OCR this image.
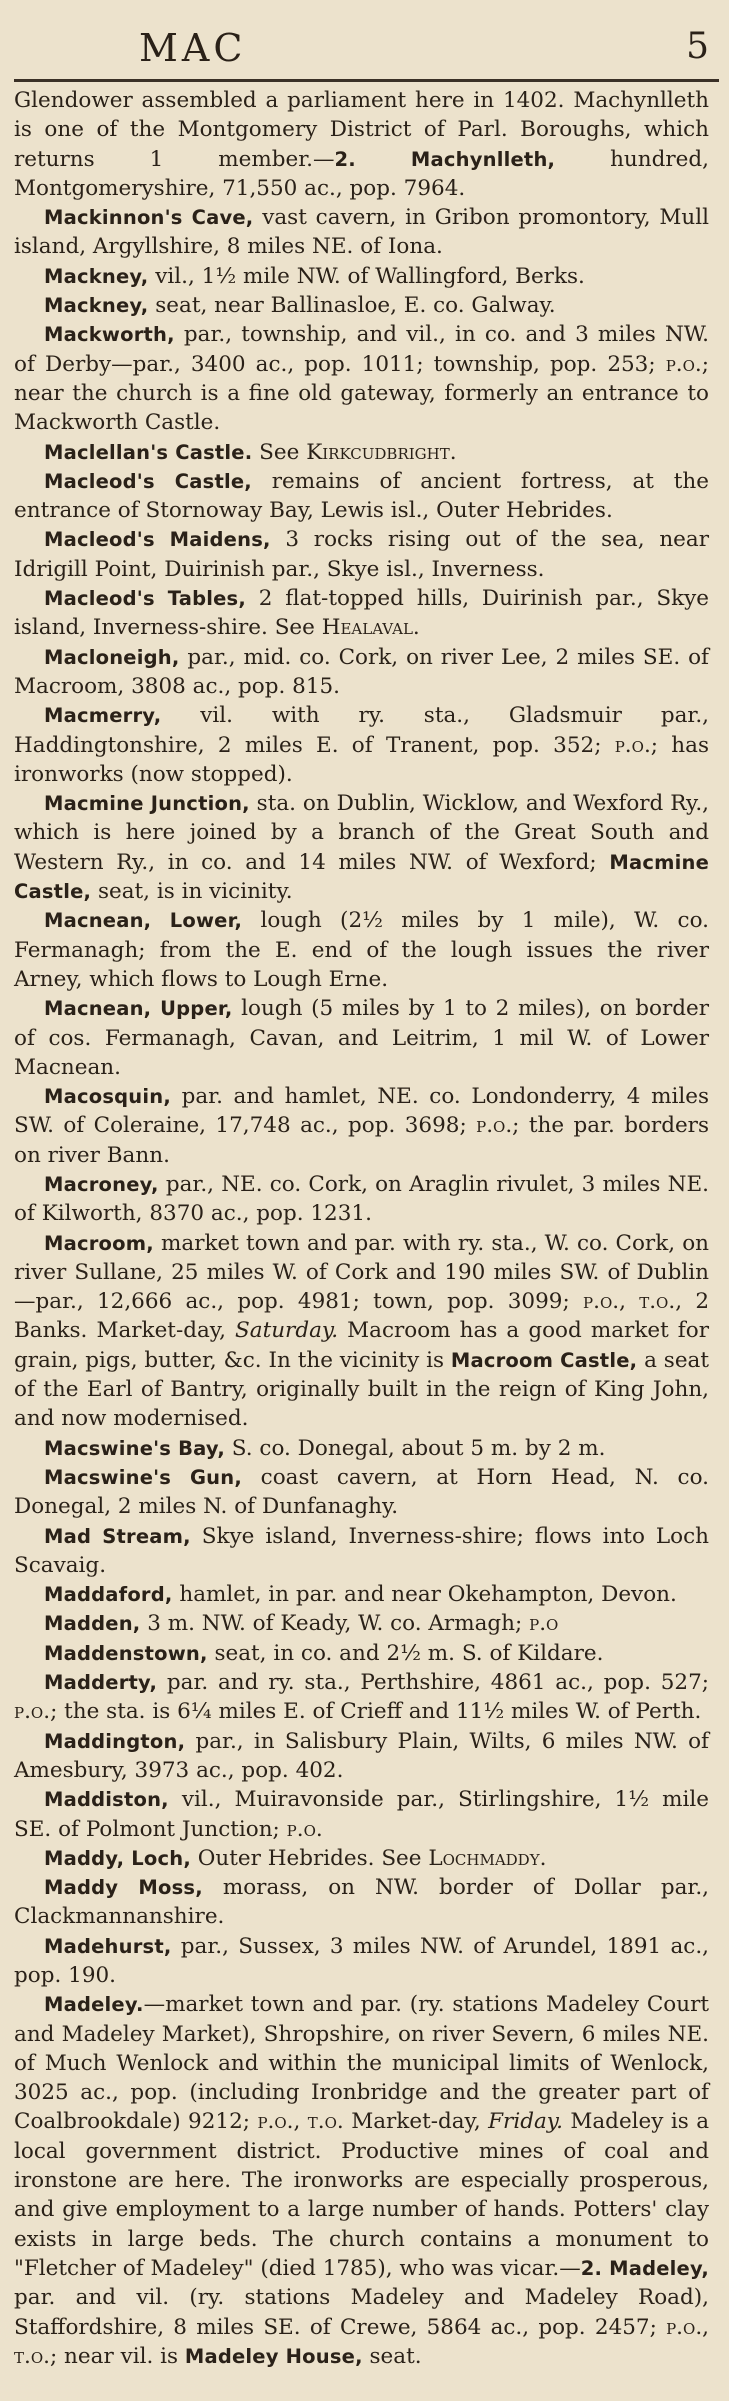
MAC	5

Glendower assembled a parliament here in 1402. Machynlleth is one of the Montgomery District of Parl. Boroughs, which returns 1 member.—2. Machynlleth, hundred, Montgomeryshire, 71,550 ac., pop. 7964.

Mackinnon's Cave, vast cavern, in Gribon promontory, Mull island, Argyllshire, 8 miles NE. of Iona.

Mackney, vil., 1½ mile NW. of Wallingford, Berks.

Mackney, seat, near Ballinasloe, E. co. Galway.

Mackworth, par., township, and vil., in co. and 3 miles NW. of Derby—par., 3400 ac., pop. 1011; township, pop. 253; p.o.; near the church is a fine old gateway, formerly an entrance to Mackworth Castle.

Maclellan's Castle. See Kirkcudbright.

Macleod's Castle, remains of ancient fortress, at the entrance of Stornoway Bay, Lewis isl., Outer Hebrides.

Macleod's Maidens, 3 rocks rising out of the sea, near Idrigill Point, Duirinish par., Skye isl., Inverness.

Macleod's Tables, 2 flat-topped hills, Duirinish par., Skye island, Inverness-shire. See Healaval.

Macloneigh, par., mid. co. Cork, on river Lee, 2 miles SE. of Macroom, 3808 ac., pop. 815.

Macmerry, vil. with ry. sta., Gladsmuir par., Haddingtonshire, 2 miles E. of Tranent, pop. 352; p.o.; has ironworks (now stopped).

Macmine Junction, sta. on Dublin, Wicklow, and Wexford Ry., which is here joined by a branch of the Great South and Western Ry., in co. and 14 miles NW. of Wexford; Macmine Castle, seat, is in vicinity.

Macnean, Lower, lough (2½ miles by 1 mile), W. co. Fermanagh; from the E. end of the lough issues the river Arney, which flows to Lough Erne.

Macnean, Upper, lough (5 miles by 1 to 2 miles), on border of cos. Fermanagh, Cavan, and Leitrim, 1 mil W. of Lower Macnean.

Macosquin, par. and hamlet, NE. co. Londonderry, 4 miles SW. of Coleraine, 17,748 ac., pop. 3698; p.o.; the par. borders on river Bann.

Macroney, par., NE. co. Cork, on Araglin rivulet, 3 miles NE. of Kilworth, 8370 ac., pop. 1231.

Macroom, market town and par. with ry. sta., W. co. Cork, on river Sullane, 25 miles W. of Cork and 190 miles SW. of Dublin—par., 12,666 ac., pop. 4981; town, pop. 3099; p.o., t.o., 2 Banks. Market-day, Saturday. Macroom has a good market for grain, pigs, butter, &c. In the vicinity is Macroom Castle, a seat of the Earl of Bantry, originally built in the reign of King John, and now modernised.

Macswine's Bay, S. co. Donegal, about 5 m. by 2 m.

Macswine's Gun, coast cavern, at Horn Head, N. co. Donegal, 2 miles N. of Dunfanaghy.

Mad Stream, Skye island, Inverness-shire; flows into Loch Scavaig.

Maddaford, hamlet, in par. and near Okehampton, Devon.

Madden, 3 m. NW. of Keady, W. co. Armagh; p.o

Maddenstown, seat, in co. and 2½ m. S. of Kildare.

Madderty, par. and ry. sta., Perthshire, 4861 ac., pop. 527; p.o.; the sta. is 6¼ miles E. of Crieff and 11½ miles W. of Perth.

Maddington, par., in Salisbury Plain, Wilts, 6 miles NW. of Amesbury, 3973 ac., pop. 402.

Maddiston, vil., Muiravonside par., Stirlingshire, 1½ mile SE. of Polmont Junction; p.o.

Maddy, Loch, Outer Hebrides. See Lochmaddy.

Maddy Moss, morass, on NW. border of Dollar par., Clackmannanshire.

Madehurst, par., Sussex, 3 miles NW. of Arundel, 1891 ac., pop. 190.

Madeley.—market town and par. (ry. stations Madeley Court and Madeley Market), Shropshire, on river Severn, 6 miles NE. of Much Wenlock and within the municipal limits of Wenlock, 3025 ac., pop. (including Ironbridge and the greater part of Coalbrookdale) 9212; p.o., t.o. Market-day, Friday. Madeley is a local government district. Productive mines of coal and ironstone are here. The ironworks are especially prosperous, and give employment to a large number of hands. Potters' clay exists in large beds. The church contains a monument to "Fletcher of Madeley" (died 1785), who was vicar.—2. Madeley, par. and vil. (ry. stations Madeley and Madeley Road), Staffordshire, 8 miles SE. of Crewe, 5864 ac., pop. 2457; p.o., t.o.; near vil. is Madeley House, seat.
